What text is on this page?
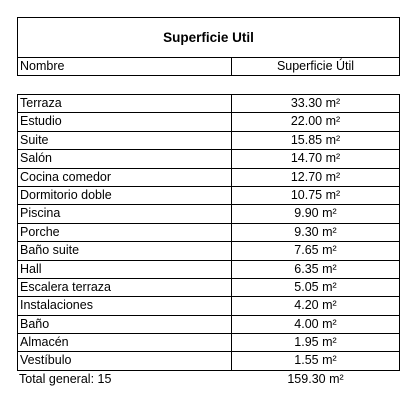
Superficie Util
Nombre	Superficie Útil
Terraza	33.30 m²
Estudio	22.00 m²
Suite	15.85 m²
Salón	14.70 m²
Cocina comedor	12.70 m²
Dormitorio doble	10.75 m²
Piscina	9.90 m²
Porche	9.30 m²
Baño suite	7.65 m²
Hall	6.35 m²
Escalera terraza	5.05 m²
Instalaciones	4.20 m²
Baño	4.00 m²
Almacén	1.95 m²
Vestíbulo	1.55 m²
Total general: 15	159.30 m²
